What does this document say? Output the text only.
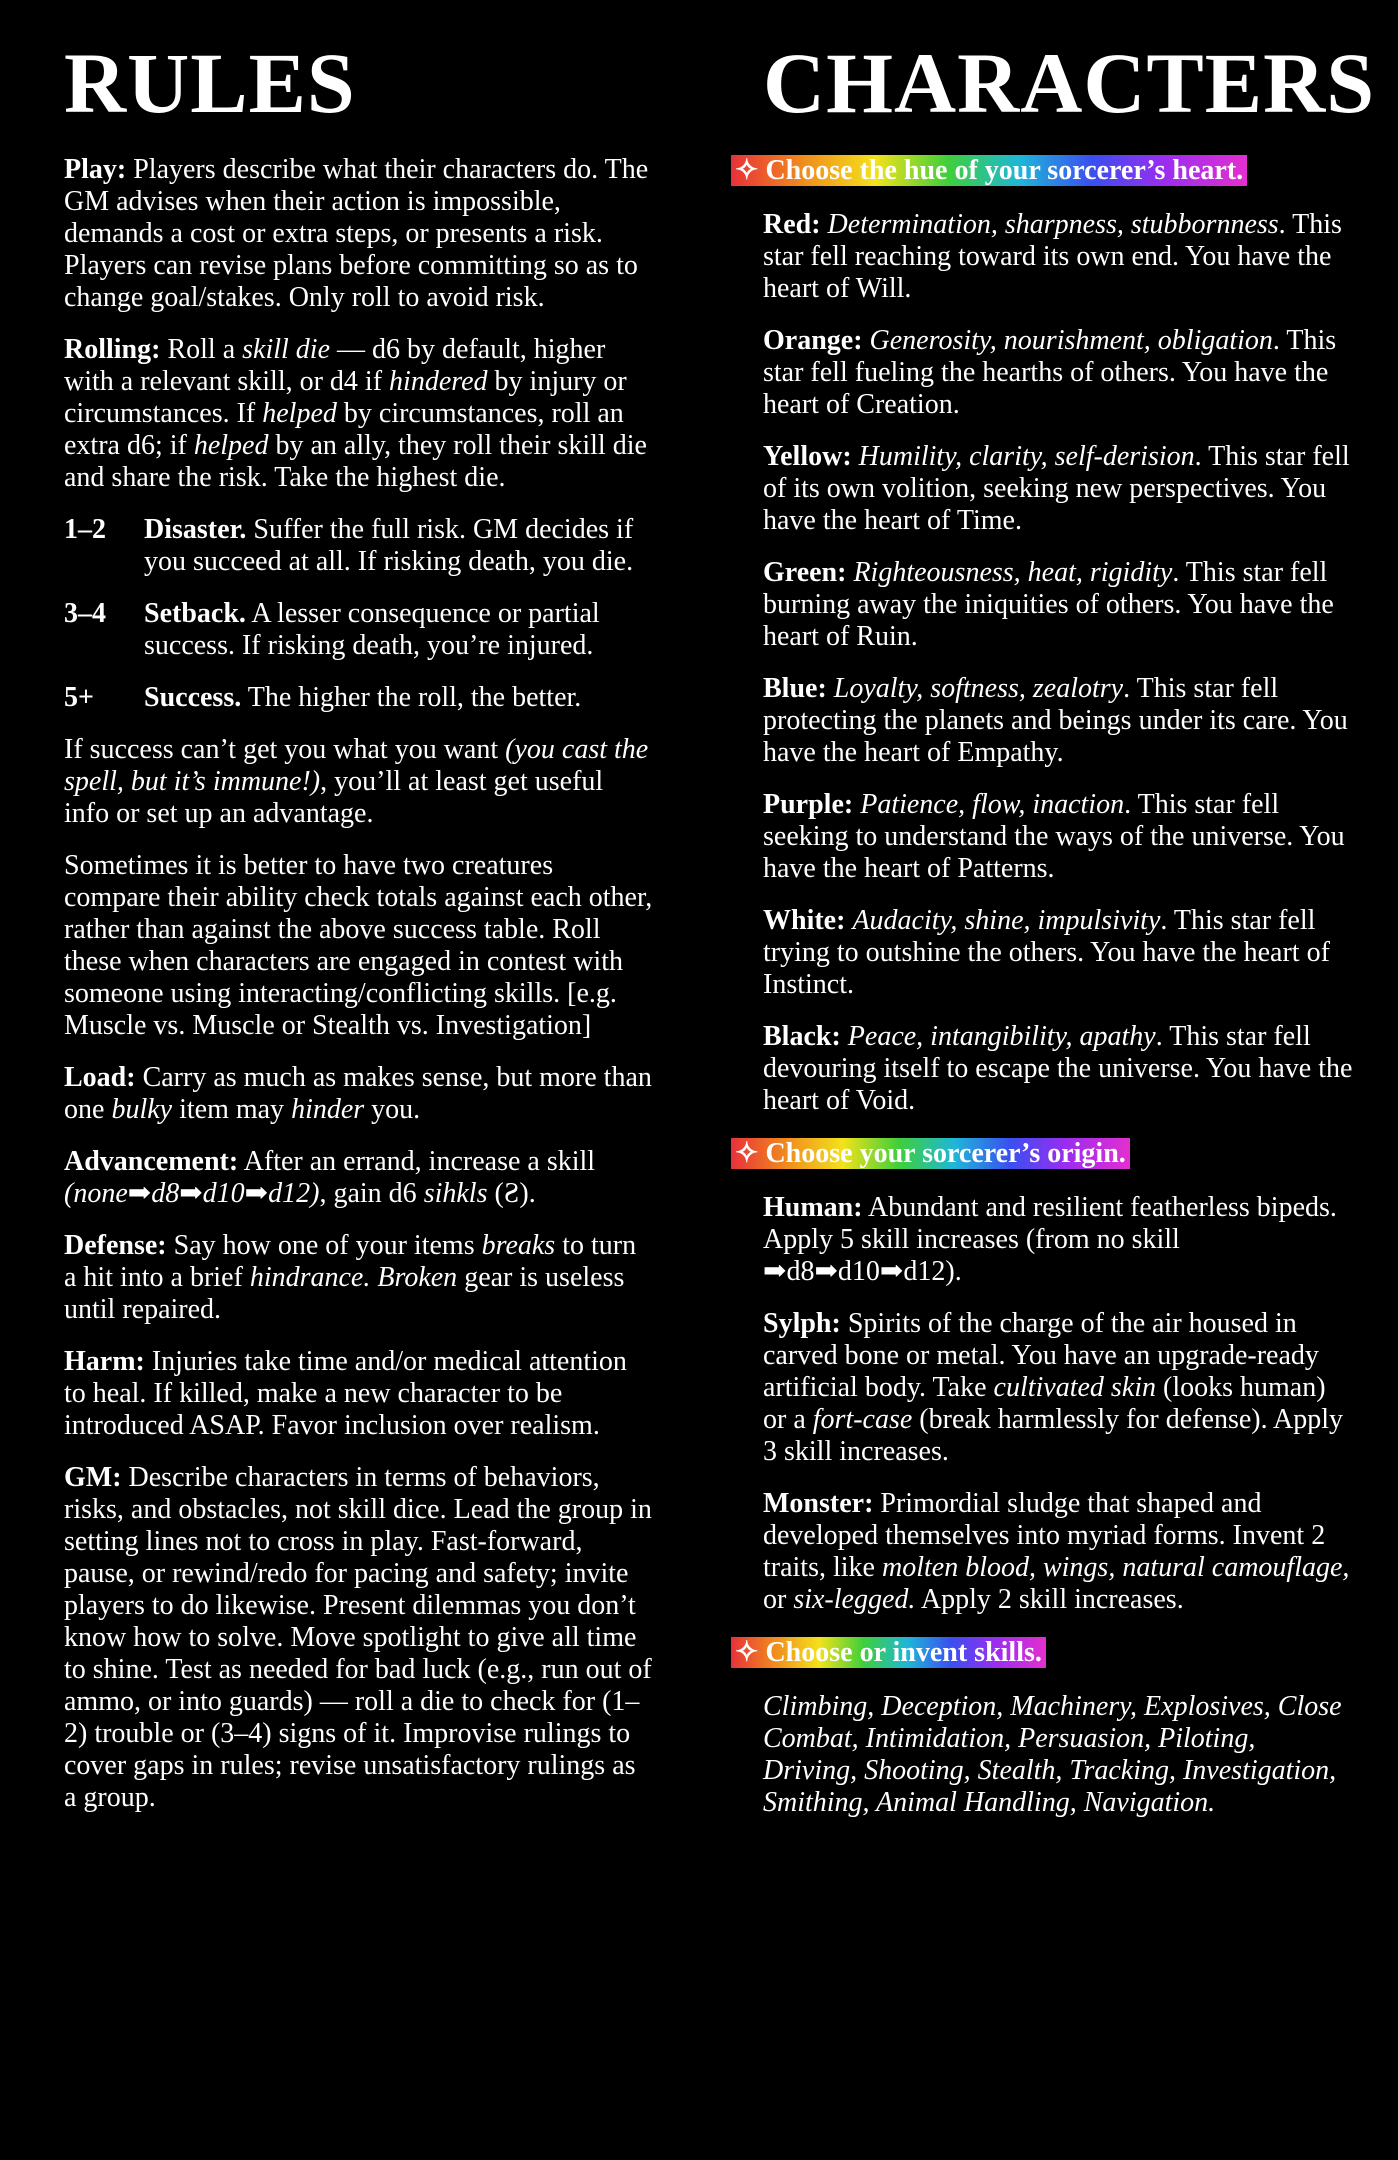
RULES

Play: Players describe what their characters do. The GM advises when their action is impossible, demands a cost or extra steps, or presents a risk. Players can revise plans before committing so as to change goal/stakes. Only roll to avoid risk.

Rolling: Roll a skill die — d6 by default, higher with a relevant skill, or d4 if hindered by injury or circumstances. If helped by circumstances, roll an extra d6; if helped by an ally, they roll their skill die and share the risk. Take the highest die.

1–2	Disaster. Suffer the full risk. GM decides if you succeed at all. If risking death, you die.
3–4	Setback. A lesser consequence or partial success. If risking death, you’re injured.
5+	Success. The higher the roll, the better.

If success can’t get you what you want (you cast the spell, but it’s immune!), you’ll at least get useful info or set up an advantage.

Sometimes it is better to have two creatures compare their ability check totals against each other, rather than against the above success table. Roll these when characters are engaged in contest with someone using interacting/conflicting skills. [e.g. Muscle vs. Muscle or Stealth vs. Investigation]

Load: Carry as much as makes sense, but more than one bulky item may hinder you.

Advancement: After an errand, increase a skill (none➡d8➡d10➡d12), gain d6 sihkls (Ƨ).

Defense: Say how one of your items breaks to turn a hit into a brief hindrance. Broken gear is useless until repaired.

Harm: Injuries take time and/or medical attention to heal. If killed, make a new character to be introduced ASAP. Favor inclusion over realism.

GM: Describe characters in terms of behaviors, risks, and obstacles, not skill dice. Lead the group in setting lines not to cross in play. Fast-forward, pause, or rewind/redo for pacing and safety; invite players to do likewise. Present dilemmas you don’t know how to solve. Move spotlight to give all time to shine. Test as needed for bad luck (e.g., run out of ammo, or into guards) — roll a die to check for (1– 2) trouble or (3–4) signs of it. Improvise rulings to cover gaps in rules; revise unsatisfactory rulings as a group.

CHARACTERS
✧ Choose the hue of your sorcerer’s heart.

Red: Determination, sharpness, stubbornness. This star fell reaching toward its own end. You have the heart of Will.

Orange: Generosity, nourishment, obligation. This star fell fueling the hearths of others. You have the heart of Creation.

Yellow: Humility, clarity, self-derision. This star fell of its own volition, seeking new perspectives. You have the heart of Time.

Green: Righteousness, heat, rigidity. This star fell burning away the iniquities of others. You have the heart of Ruin.

Blue: Loyalty, softness, zealotry. This star fell protecting the planets and beings under its care. You have the heart of Empathy.

Purple: Patience, flow, inaction. This star fell seeking to understand the ways of the universe. You have the heart of Patterns.

White: Audacity, shine, impulsivity. This star fell trying to outshine the others. You have the heart of Instinct.

Black: Peace, intangibility, apathy. This star fell devouring itself to escape the universe. You have the heart of Void.

✧ Choose your sorcerer’s origin.

Human: Abundant and resilient featherless bipeds. Apply 5 skill increases (from no skill ➡d8➡d10➡d12).

Sylph: Spirits of the charge of the air housed in carved bone or metal. You have an upgrade-ready artificial body. Take cultivated skin (looks human) or a fort-case (break harmlessly for defense). Apply 3 skill increases.

Monster: Primordial sludge that shaped and developed themselves into myriad forms. Invent 2 traits, like molten blood, wings, natural camouflage, or six-legged. Apply 2 skill increases.

✧ Choose or invent skills.

Climbing, Deception, Machinery, Explosives, Close Combat, Intimidation, Persuasion, Piloting, Driving, Shooting, Stealth, Tracking, Investigation, Smithing, Animal Handling, Navigation.
